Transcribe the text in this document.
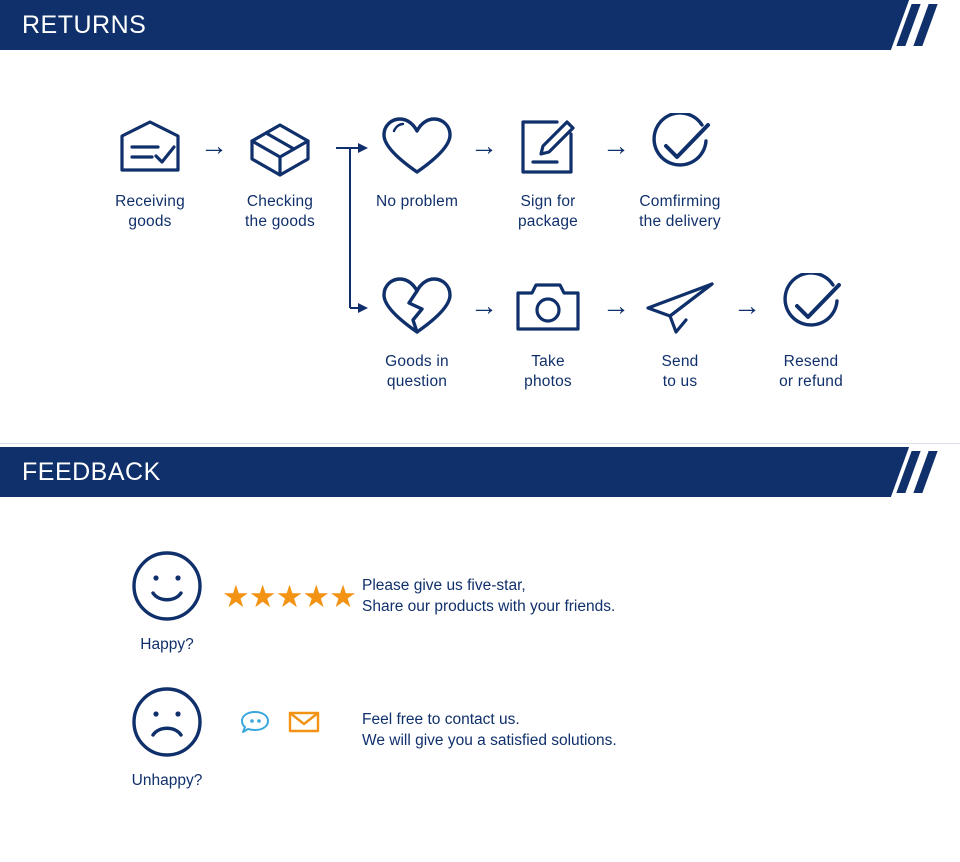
RETURNS
Receiving
goods
→
Checking
the goods
No problem
→
Sign for
package
→
Comfirming
the delivery
Goods in
question
→
Take
photos
→
Send
to us
→
Resend
or refund
FEEDBACK
Happy?
★★★★★ Please give us five-star,
Share our products with your friends.
Unhappy?
Feel free to contact us.
We will give you a satisfied solutions.
